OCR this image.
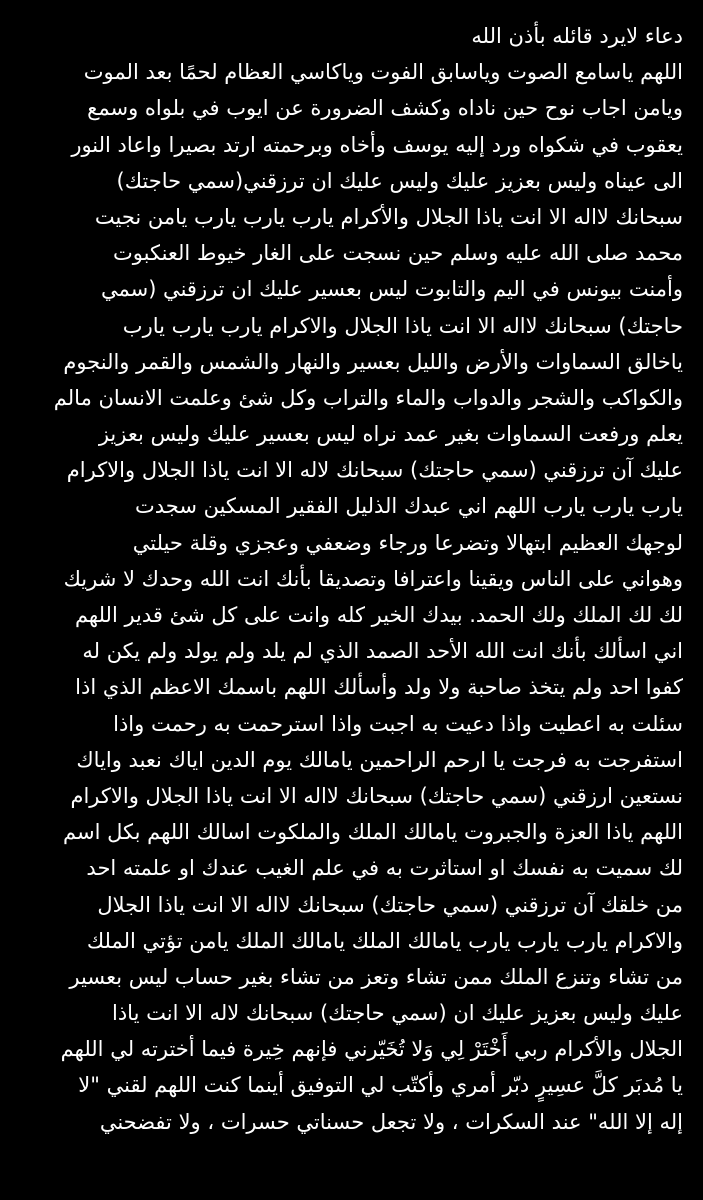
دعاء لايرد قائله بأذن الله
اللهم ياسامع الصوت وياسابق الفوت وياكاسي العظام لحمًا بعد الموت
ويامن اجاب نوح حين ناداه وكشف الضرورة عن ايوب في بلواه وسمع
يعقوب في شكواه ورد إليه يوسف وأخاه وبرحمته ارتد بصيرا واعاد النور
الى عيناه وليس بعزيز عليك وليس عليك ان ترزقني(سمي حاجتك)
سبحانك لااله الا انت ياذا الجلال والأكرام يارب يارب يارب يامن نجيت
محمد صلى الله عليه وسلم حين نسجت على الغار خيوط العنكبوت
وأمنت بيونس في اليم والتابوت ليس بعسير عليك ان ترزقني (سمي
حاجتك) سبحانك لااله الا انت ياذا الجلال والاكرام يارب يارب يارب
ياخالق السماوات والأرض والليل بعسير والنهار والشمس والقمر والنجوم
والكواكب والشجر والدواب والماء والتراب وكل شئ وعلمت الانسان مالم
يعلم ورفعت السماوات بغير عمد نراه ليس بعسير عليك وليس بعزيز
عليك آن ترزقني (سمي حاجتك) سبحانك لاله الا انت ياذا الجلال والاكرام
يارب يارب يارب اللهم اني عبدك الذليل الفقير المسكين سجدت
لوجهك العظيم ابتهالا وتضرعا ورجاء وضعفي وعجزي وقلة حيلتي
وهواني على الناس ويقينا واعترافا وتصديقا بأنك انت الله وحدك لا شريك
لك لك الملك ولك الحمد. بيدك الخير كله وانت على كل شئ قدير اللهم
اني اسألك بأنك انت الله الأحد الصمد الذي لم يلد ولم يولد ولم يكن له
كفوا احد ولم يتخذ صاحبة ولا ولد وأسألك اللهم باسمك الاعظم الذي اذا
سئلت به اعطيت واذا دعيت به اجبت واذا استرحمت به رحمت واذا
استفرجت به فرجت يا ارحم الراحمين يامالك يوم الدين اياك نعبد واياك
نستعين ارزقني (سمي حاجتك) سبحانك لااله الا انت ياذا الجلال والاكرام
اللهم ياذا العزة والجبروت يامالك الملك والملكوت اسالك اللهم بكل اسم
لك سميت به نفسك او استاثرت به في علم الغيب عندك او علمته احد
من خلقك آن ترزقني (سمي حاجتك) سبحانك لااله الا انت ياذا الجلال
والاكرام يارب يارب يارب يامالك الملك يامالك الملك يامن تؤتي الملك
من تشاء وتنزع الملك ممن تشاء وتعز من تشاء بغير حساب ليس بعسير
عليك وليس بعزيز عليك ان (سمي حاجتك) سبحانك لاله الا انت ياذا
الجلال والأكرام ربي أَخْتَرْ لِي وَلا تُخَيّرني فإنهم خِيرة فيما أخترته لي اللهم
يا مُدبَر كلَّ عسِيرٍ دبّر أمري وأكتّب لي التوفيق أينما كنت اللهم لقني "لا
إله إلا الله" عند السكرات ، ولا تجعل حسناتي حسرات ، ولا تفضحني
